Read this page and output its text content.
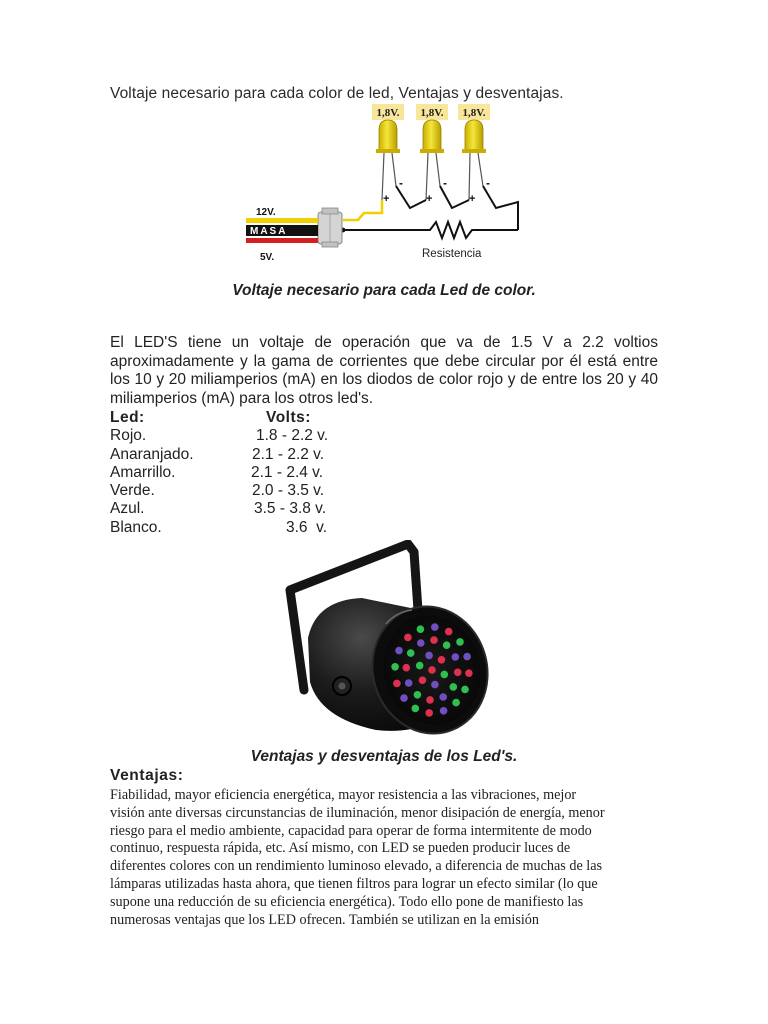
Voltaje necesario para cada color de led, Ventajas y desventajas.
1,8V. 1,8V. 1,8V.
+	+	+
-	-	-
Resistencia
12V.
MASA
5V.
Voltaje necesario para cada Led de color.
El LED'S tiene un voltaje de operación que va de 1.5 V a 2.2 voltios aproximadamente y la gama de corrientes que debe circular por él está entre los 10 y 20 miliamperios (mA) en los diodos de color rojo y de entre los 20 y 40 miliamperios (mA) para los otros led's.
Led:	Volts:
Rojo.	1.8 - 2.2 v.
Anaranjado.	2.1 - 2.2 v.
Amarrillo.	2.1 - 2.4 v.
Verde.	2.0 - 3.5 v.
Azul.	3.5 - 3.8 v.
Blanco.	3.6  v.
Ventajas y desventajas de los Led's.
Ventajas:
Fiabilidad, mayor eficiencia energética, mayor resistencia a las vibraciones, mejor
visión ante diversas circunstancias de iluminación, menor disipación de energía, menor
riesgo para el medio ambiente, capacidad para operar de forma intermitente de modo
continuo, respuesta rápida, etc. Así mismo, con LED se pueden producir luces de
diferentes colores con un rendimiento luminoso elevado, a diferencia de muchas de las
lámparas utilizadas hasta ahora, que tienen filtros para lograr un efecto similar (lo que
supone una reducción de su eficiencia energética). Todo ello pone de manifiesto las
numerosas ventajas que los LED ofrecen. También se utilizan en la emisión
